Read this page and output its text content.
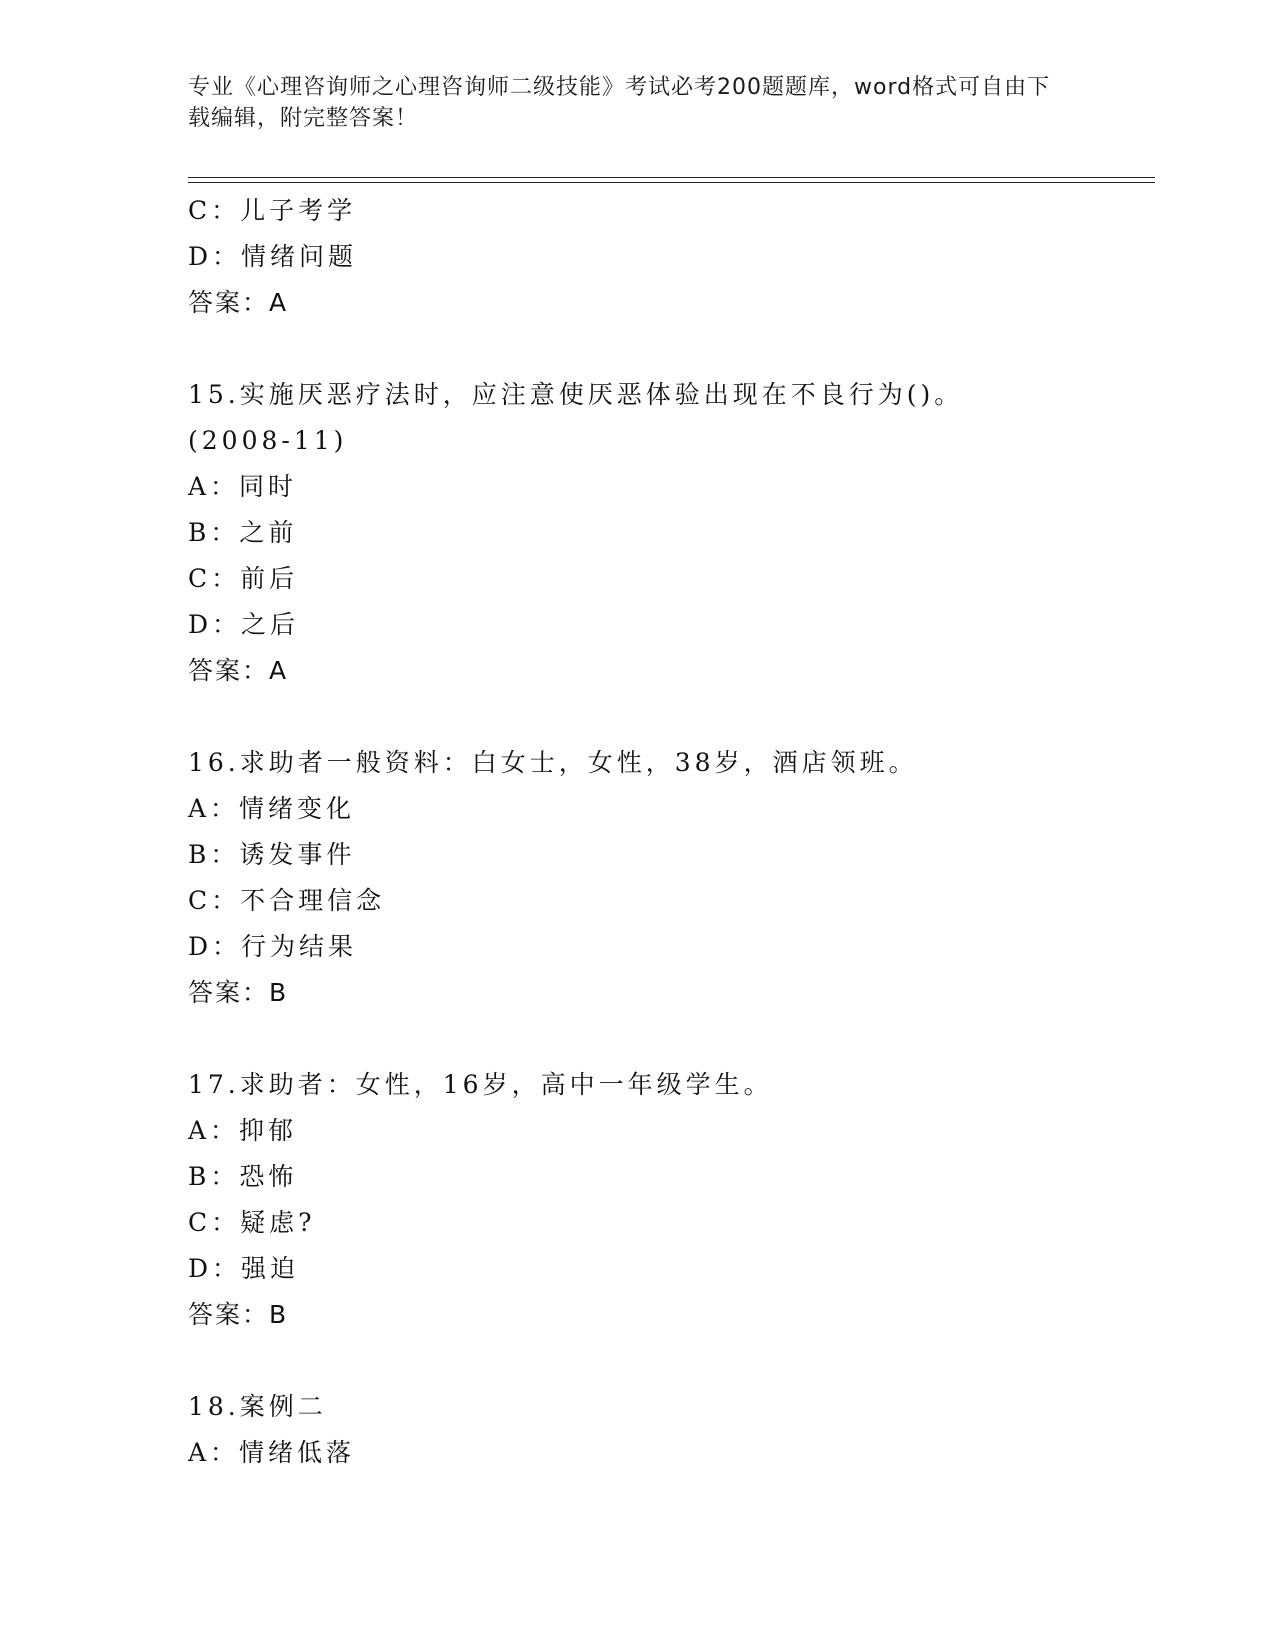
专业《心理咨询师之心理咨询师二级技能》考试必考200题题库，word格式可自由下载编辑，附完整答案！
C：儿子考学
D：情绪问题
答案：A
15.实施厌恶疗法时，应注意使厌恶体验出现在不良行为()。(2008-11)
A：同时
B：之前
C：前后
D：之后
答案：A
16.求助者一般资料：白女士，女性，38岁，酒店领班。
A：情绪变化
B：诱发事件
C：不合理信念
D：行为结果
答案：B
17.求助者：女性，16岁，高中一年级学生。
A：抑郁
B：恐怖
C：疑虑?
D：强迫
答案：B
18.案例二
A：情绪低落
